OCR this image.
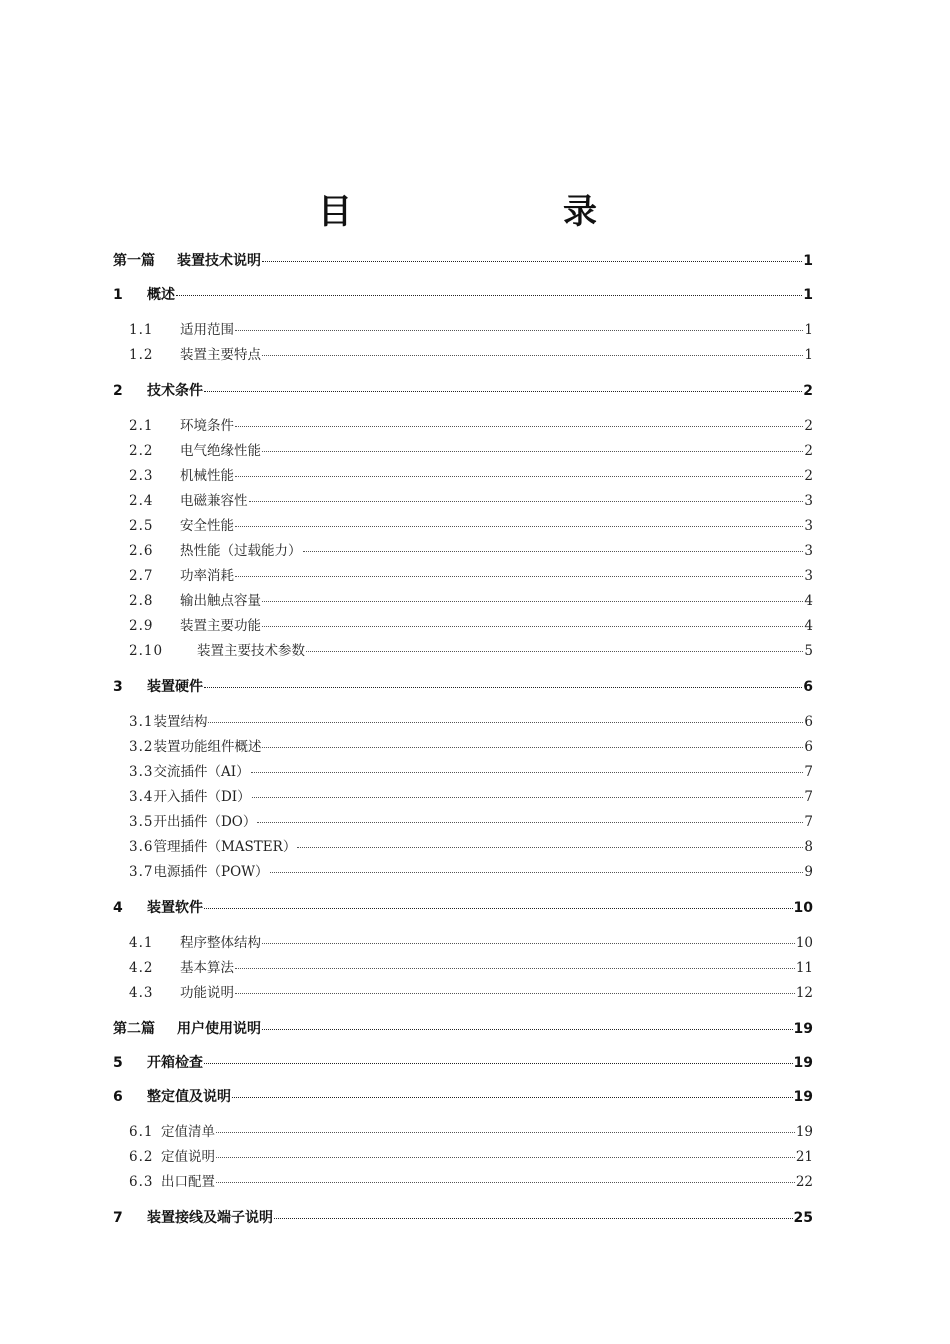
目	录
第一篇	装置技术说明	1
1	概述	1
1.1	适用范围	1
1.2	装置主要特点	1
2	技术条件	2
2.1	环境条件	2
2.2	电气绝缘性能	2
2.3	机械性能	2
2.4	电磁兼容性	3
2.5	安全性能	3
2.6	热性能（过载能力）	3
2.7	功率消耗	3
2.8	输出触点容量	4
2.9	装置主要功能	4
2.10	装置主要技术参数	5
3	装置硬件	6
3.1 装置结构	6
3.2 装置功能组件概述	6
3.3 交流插件（AI）	7
3.4 开入插件（DI）	7
3.5 开出插件（DO）	7
3.6 管理插件（MASTER）	8
3.7 电源插件（POW）	9
4	装置软件	10
4.1	程序整体结构	10
4.2	基本算法	11
4.3	功能说明	12
第二篇	用户使用说明	19
5	开箱检查	19
6	整定值及说明	19
6.1 定值清单	19
6.2 定值说明	21
6.3 出口配置	22
7	装置接线及端子说明	25
